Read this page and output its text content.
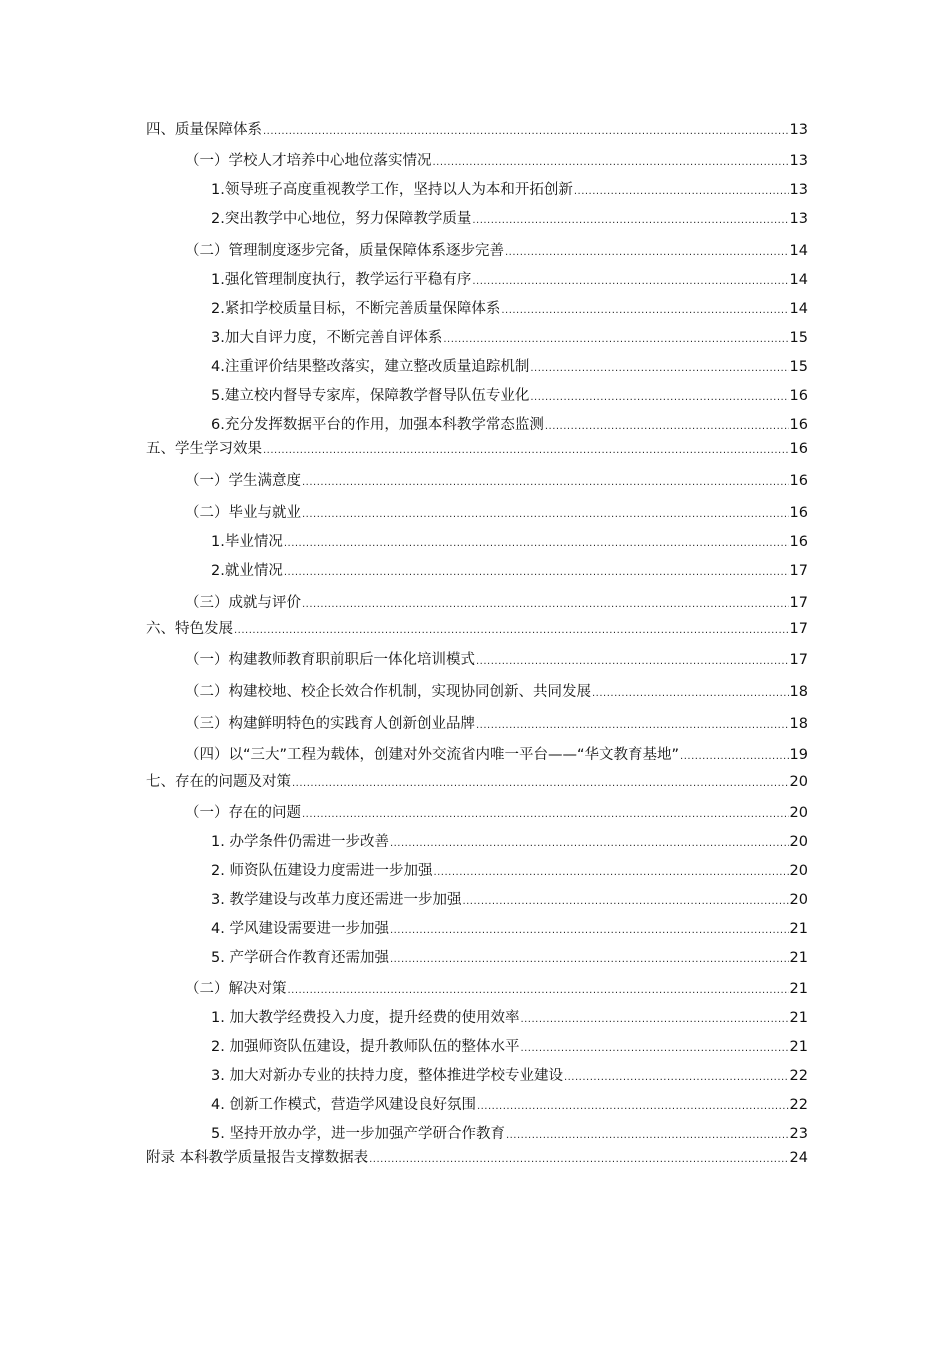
四、质量保障体系 .....	13
（一）学校人才培养中心地位落实情况 .....	13
1.领导班子高度重视教学工作，坚持以人为本和开拓创新 .....	13
2.突出教学中心地位，努力保障教学质量 .....	13
（二）管理制度逐步完备，质量保障体系逐步完善 .....	14
1.强化管理制度执行，教学运行平稳有序 .....	14
2.紧扣学校质量目标，不断完善质量保障体系 .....	14
3.加大自评力度，不断完善自评体系 .....	15
4.注重评价结果整改落实，建立整改质量追踪机制 .....	15
5.建立校内督导专家库，保障教学督导队伍专业化 .....	16
6.充分发挥数据平台的作用，加强本科教学常态监测 .....	16
五、学生学习效果 .....	16
（一）学生满意度 .....	16
（二）毕业与就业 .....	16
1.毕业情况 .....	16
2.就业情况 .....	17
（三）成就与评价 .....	17
六、特色发展 .....	17
（一）构建教师教育职前职后一体化培训模式 .....	17
（二）构建校地、校企长效合作机制，实现协同创新、共同发展 .....	18
（三）构建鲜明特色的实践育人创新创业品牌 .....	18
（四）以“三大”工程为载体，创建对外交流省内唯一平台——“华文教育基地” .....	19
七、存在的问题及对策 .....	20
（一）存在的问题 .....	20
1. 办学条件仍需进一步改善 .....	20
2. 师资队伍建设力度需进一步加强 .....	20
3. 教学建设与改革力度还需进一步加强 .....	20
4. 学风建设需要进一步加强 .....	21
5. 产学研合作教育还需加强 .....	21
（二）解决对策 .....	21
1. 加大教学经费投入力度，提升经费的使用效率 .....	21
2. 加强师资队伍建设，提升教师队伍的整体水平 .....	21
3. 加大对新办专业的扶持力度，整体推进学校专业建设 .....	22
4. 创新工作模式，营造学风建设良好氛围 .....	22
5. 坚持开放办学，进一步加强产学研合作教育 .....	23
附录 本科教学质量报告支撑数据表 .....	24
